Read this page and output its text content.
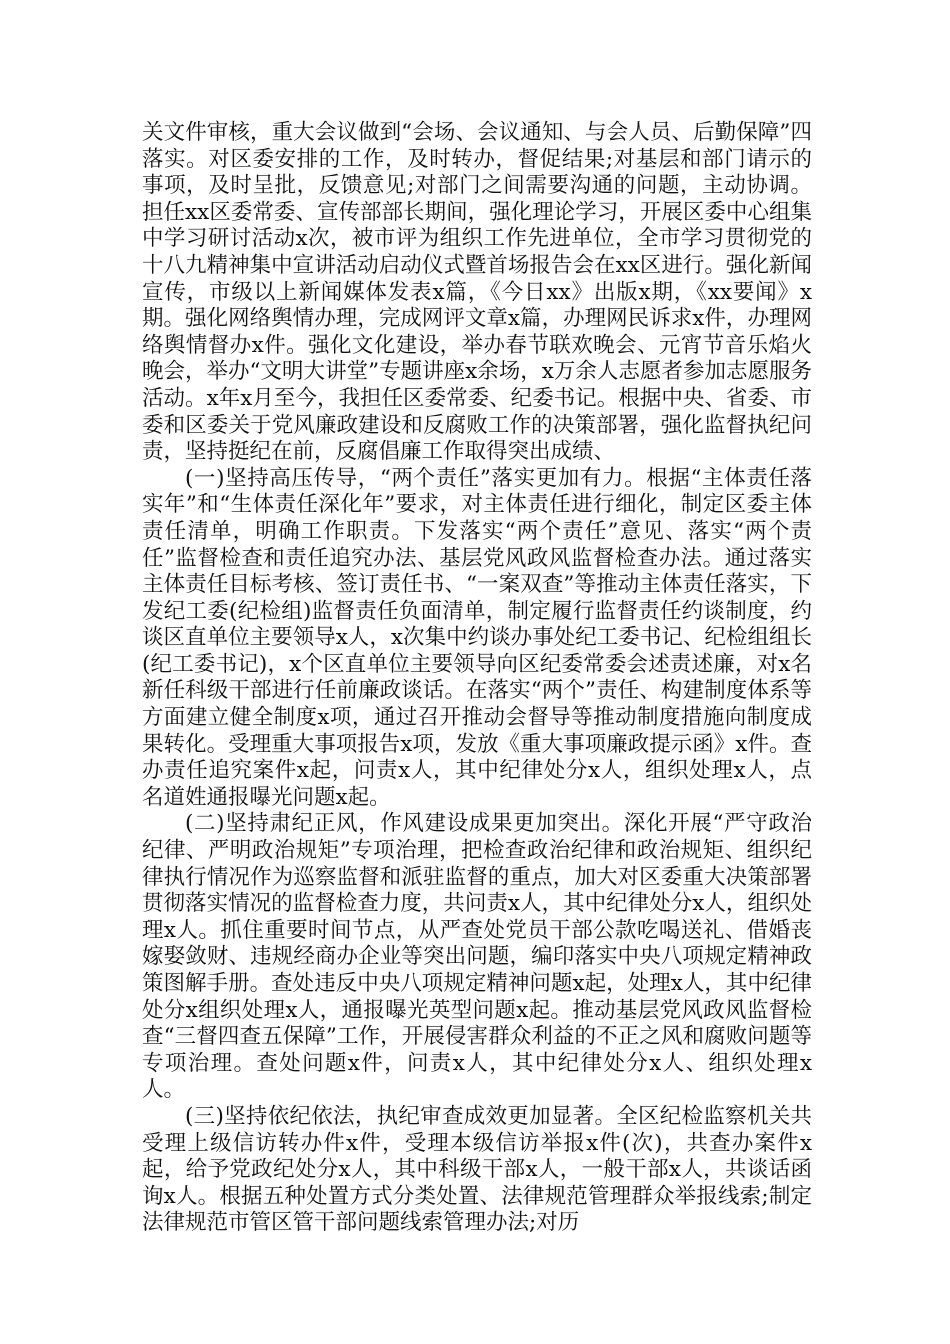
关文件审核，重大会议做到“会场、会议通知、与会人员、后勤保障”四落实。对区委安排的工作，及时转办，督促结果;对基层和部门请示的事项，及时呈批，反馈意见;对部门之间需要沟通的问题，主动协调。担任xx区委常委、宣传部部长期间，强化理论学习，开展区委中心组集中学习研讨活动x次，被市评为组织工作先进单位，全市学习贯彻党的十八九精神集中宣讲活动启动仪式暨首场报告会在xx区进行。强化新闻宣传，市级以上新闻媒体发表x篇，《今日xx》出版x期，《xx要闻》x期。强化网络舆情办理，完成网评文章x篇，办理网民诉求x件，办理网络舆情督办x件。强化文化建设，举办春节联欢晚会、元宵节音乐焰火晚会，举办“文明大讲堂”专题讲座x余场，x万余人志愿者参加志愿服务活动。x年x月至今，我担任区委常委、纪委书记。根据中央、省委、市委和区委关于党风廉政建设和反腐败工作的决策部署，强化监督执纪问责，坚持挺纪在前，反腐倡廉工作取得突出成绩、

(一)坚持高压传导，“两个责任”落实更加有力。根据“主体责任落实年”和“生体责任深化年”要求，对主体责任进行细化，制定区委主体责任清单，明确工作职责。下发落实“两个责任”意见、落实“两个责任”监督检查和责任追究办法、基层党风政风监督检查办法。通过落实主体责任目标考核、签订责任书、“一案双查”等推动主体责任落实，下发纪工委(纪检组)监督责任负面清单，制定履行监督责任约谈制度，约谈区直单位主要领导x人，x次集中约谈办事处纪工委书记、纪检组组长(纪工委书记)，x个区直单位主要领导向区纪委常委会述责述廉，对x名新任科级干部进行任前廉政谈话。在落实“两个”责任、构建制度体系等方面建立健全制度x项，通过召开推动会督导等推动制度措施向制度成果转化。受理重大事项报告x项，发放《重大事项廉政提示函》x件。查办责任追究案件x起，问责x人，其中纪律处分x人，组织处理x人，点名道姓通报曝光问题x起。

(二)坚持肃纪正风，作风建设成果更加突出。深化开展“严守政治纪律、严明政治规矩”专项治理，把检查政治纪律和政治规矩、组织纪律执行情况作为巡察监督和派驻监督的重点，加大对区委重大决策部署贯彻落实情况的监督检查力度，共问责x人，其中纪律处分x人，组织处理x人。抓住重要时间节点，从严查处党员干部公款吃喝送礼、借婚丧嫁娶敛财、违规经商办企业等突出问题，编印落实中央八项规定精神政策图解手册。查处违反中央八项规定精神问题x起，处理x人，其中纪律处分x组织处理x人，通报曝光英型问题x起。推动基层党风政风监督检查“三督四查五保障”工作，开展侵害群众利益的不正之风和腐败问题等专项治理。查处问题x件，问责x人，其中纪律处分x人、组织处理x人。

(三)坚持依纪依法，执纪审查成效更加显著。全区纪检监察机关共受理上级信访转办件x件，受理本级信访举报x件(次)，共查办案件x起，给予党政纪处分x人，其中科级干部x人，一般干部x人，共谈话函询x人。根据五种处置方式分类处置、法律规范管理群众举报线索;制定法律规范市管区管干部问题线索管理办法;对历
